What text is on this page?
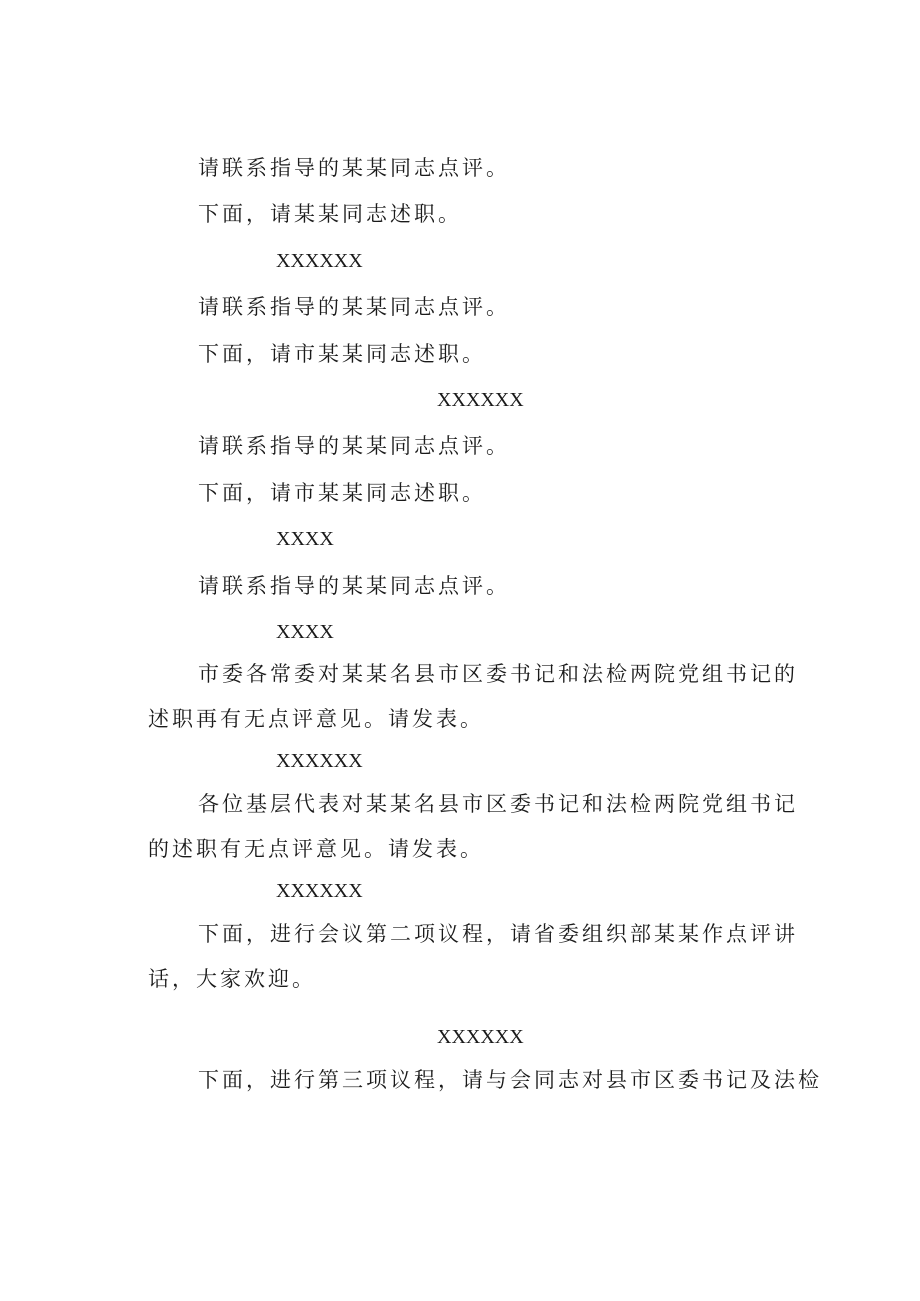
请联系指导的某某同志点评。
下面，请某某同志述职。
XXXXXX
请联系指导的某某同志点评。
下面，请市某某同志述职。
XXXXXX
请联系指导的某某同志点评。
下面，请市某某同志述职。
XXXX
请联系指导的某某同志点评。
XXXX
市委各常委对某某名县市区委书记和法检两院党组书记的
述职再有无点评意见。请发表。
XXXXXX
各位基层代表对某某名县市区委书记和法检两院党组书记
的述职有无点评意见。请发表。
XXXXXX
下面，进行会议第二项议程，请省委组织部某某作点评讲
话，大家欢迎。
XXXXXX
下面，进行第三项议程，请与会同志对县市区委书记及法检
